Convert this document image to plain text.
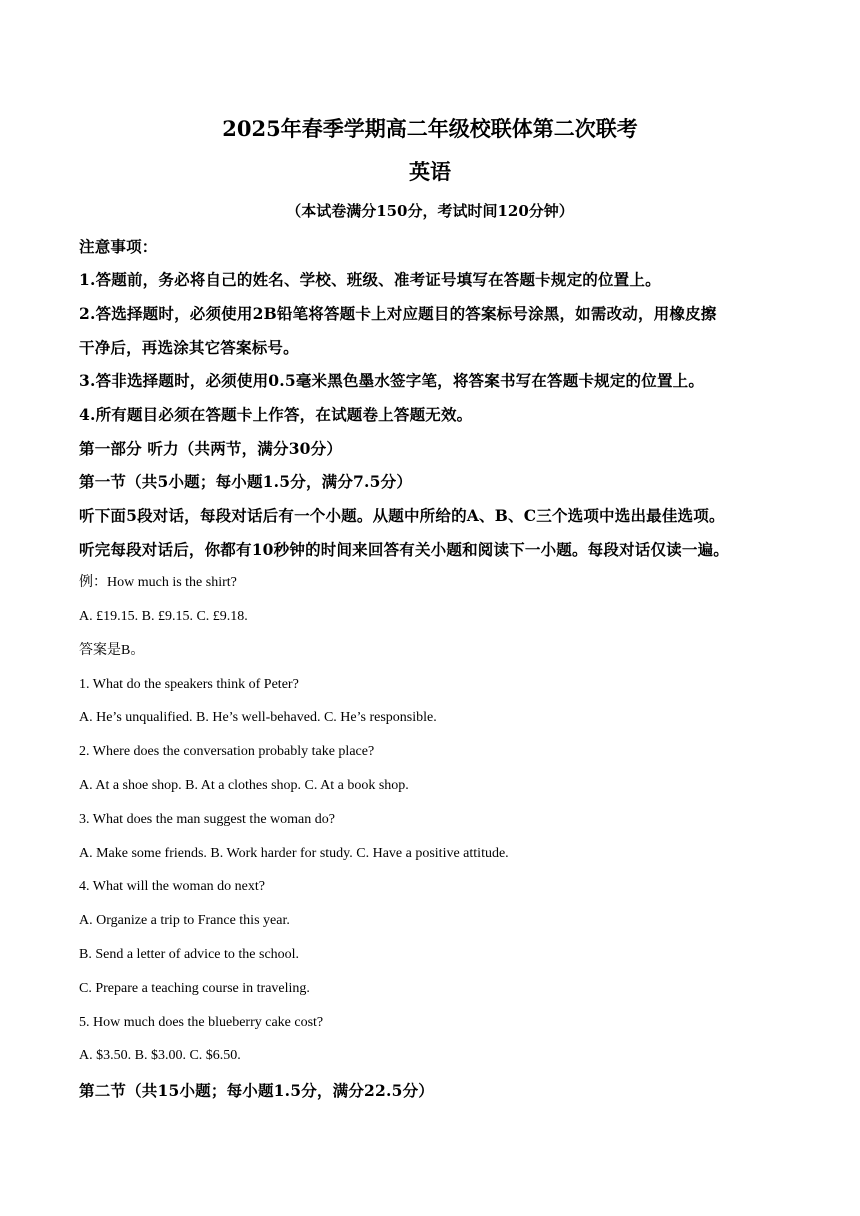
2025年春季学期高二年级校联体第二次联考
英语
（本试卷满分150分，考试时间120分钟）
注意事项：
1.答题前，务必将自己的姓名、学校、班级、准考证号填写在答题卡规定的位置上。
2.答选择题时，必须使用2B铅笔将答题卡上对应题目的答案标号涂黑，如需改动，用橡皮擦
干净后，再选涂其它答案标号。
3.答非选择题时，必须使用0.5毫米黑色墨水签字笔，将答案书写在答题卡规定的位置上。
4.所有题目必须在答题卡上作答，在试题卷上答题无效。
第一部分 听力（共两节，满分30分）
第一节（共5小题；每小题1.5分，满分7.5分）
听下面5段对话，每段对话后有一个小题。从题中所给的A、B、C三个选项中选出最佳选项。
听完每段对话后，你都有10秒钟的时间来回答有关小题和阅读下一小题。每段对话仅读一遍。
例：How much is the shirt?
A. £19.15. B. £9.15. C. £9.18.
答案是B。
1. What do the speakers think of Peter?
A. He’s unqualified. B. He’s well-behaved. C. He’s responsible.
2. Where does the conversation probably take place?
A. At a shoe shop. B. At a clothes shop. C. At a book shop.
3. What does the man suggest the woman do?
A. Make some friends. B. Work harder for study. C. Have a positive attitude.
4. What will the woman do next?
A. Organize a trip to France this year.
B. Send a letter of advice to the school.
C. Prepare a teaching course in traveling.
5. How much does the blueberry cake cost?
A. $3.50. B. $3.00. C. $6.50.
第二节（共15小题；每小题1.5分，满分22.5分）
